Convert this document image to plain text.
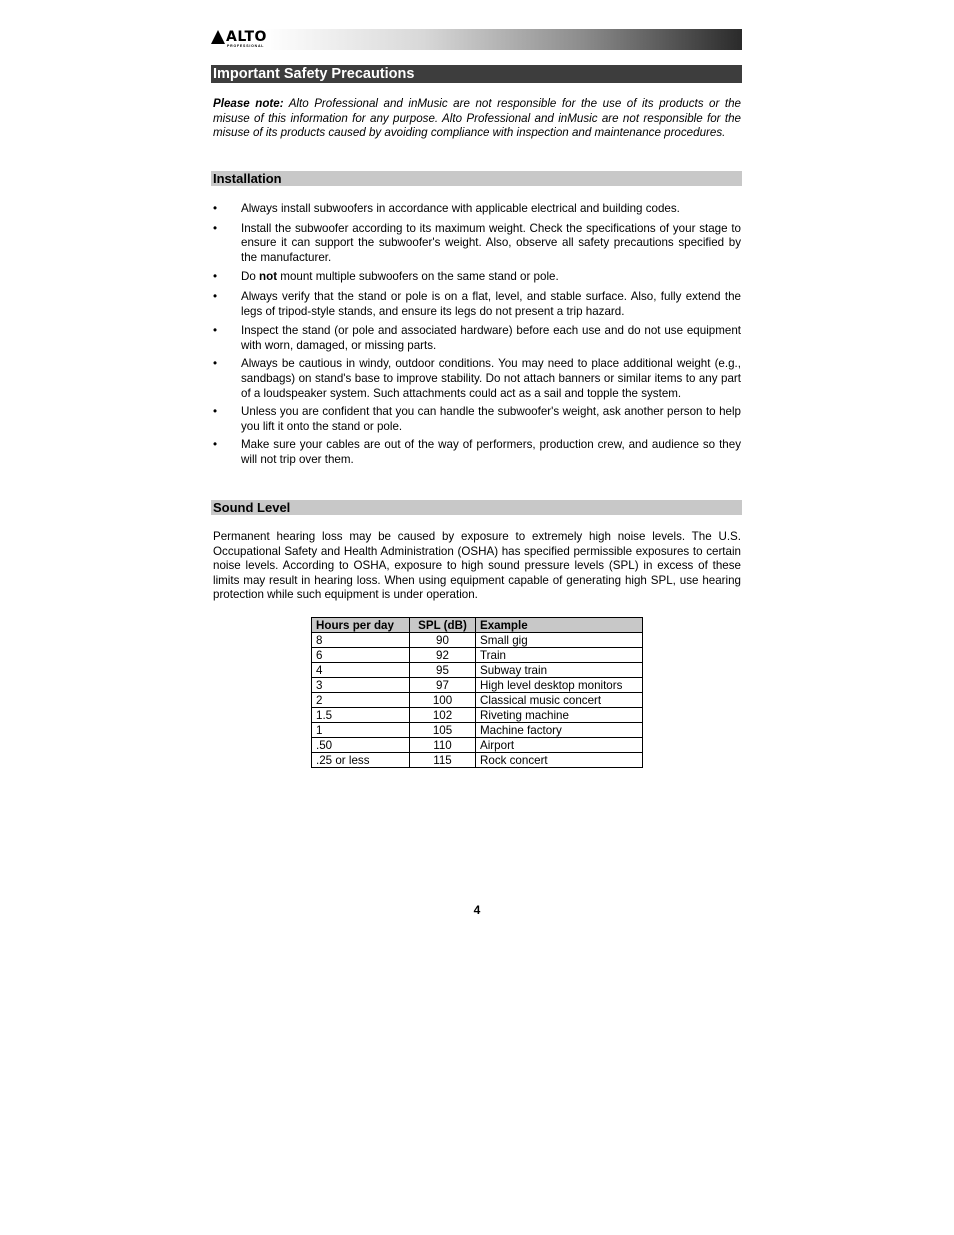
ALTO
PROFESSIONAL
Important Safety Precautions
Please note: Alto Professional and inMusic are not responsible for the use of its products or the misuse of this information for any purpose. Alto Professional and inMusic are not responsible for the misuse of its products caused by avoiding compliance with inspection and maintenance procedures.
Installation
• Always install subwoofers in accordance with applicable electrical and building codes.
• Install the subwoofer according to its maximum weight. Check the specifications of your stage to ensure it can support the subwoofer's weight. Also, observe all safety precautions specified by the manufacturer.
• Do not mount multiple subwoofers on the same stand or pole.
• Always verify that the stand or pole is on a flat, level, and stable surface. Also, fully extend the legs of tripod-style stands, and ensure its legs do not present a trip hazard.
• Inspect the stand (or pole and associated hardware) before each use and do not use equipment with worn, damaged, or missing parts.
• Always be cautious in windy, outdoor conditions. You may need to place additional weight (e.g., sandbags) on stand's base to improve stability. Do not attach banners or similar items to any part of a loudspeaker system. Such attachments could act as a sail and topple the system.
• Unless you are confident that you can handle the subwoofer's weight, ask another person to help you lift it onto the stand or pole.
• Make sure your cables are out of the way of performers, production crew, and audience so they will not trip over them.
Sound Level
Permanent hearing loss may be caused by exposure to extremely high noise levels. The U.S. Occupational Safety and Health Administration (OSHA) has specified permissible exposures to certain noise levels. According to OSHA, exposure to high sound pressure levels (SPL) in excess of these limits may result in hearing loss. When using equipment capable of generating high SPL, use hearing protection while such equipment is under operation.
Hours per day	SPL (dB)	Example
8	90	Small gig
6	92	Train
4	95	Subway train
3	97	High level desktop monitors
2	100	Classical music concert
1.5	102	Riveting machine
1	105	Machine factory
.50	110	Airport
.25 or less	115	Rock concert
4
